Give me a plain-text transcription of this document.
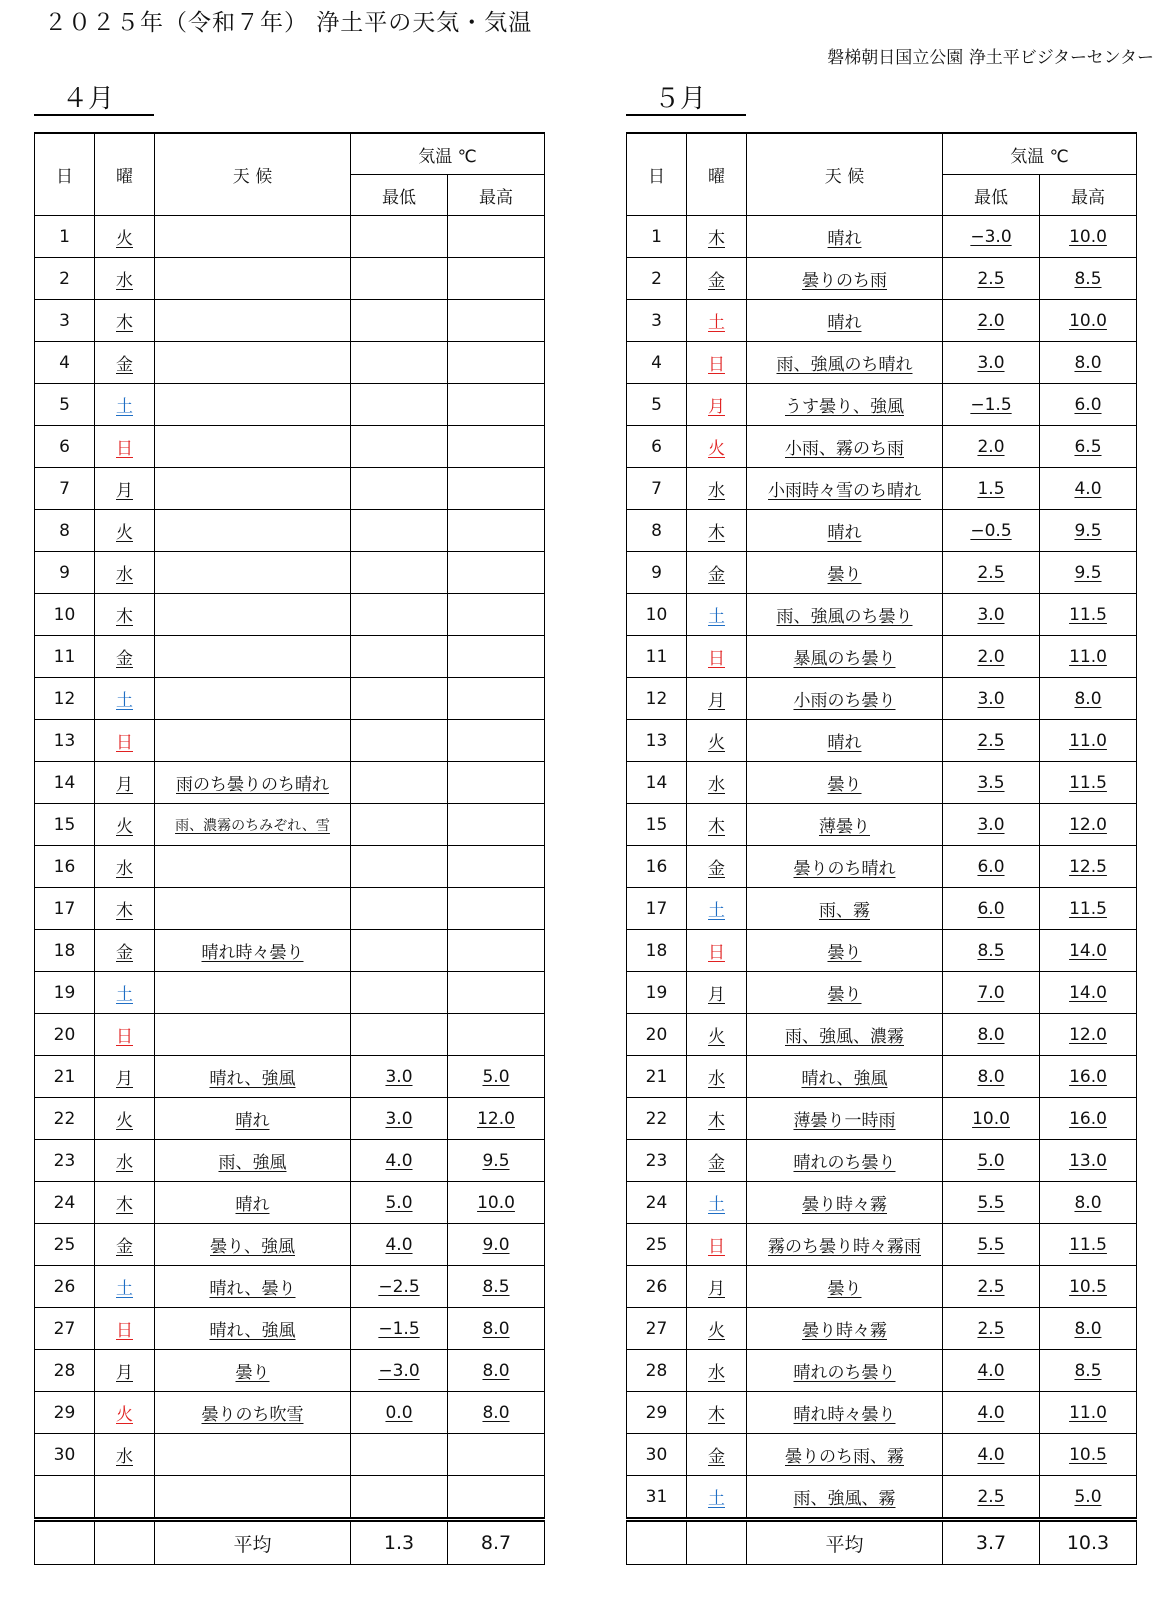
２０２５年（令和７年） 浄土平の天気・気温
磐梯朝日国立公園 浄土平ビジターセンター
４月	５月
日	曜	天 候	気温 ℃	
			最低	最高
1	火			
2	水			
3	木			
4	金			
5	土			
6	日			
7	月			
8	火			
9	水			
10	木			
11	金			
12	土			
13	日			
14	月	雨のち曇りのち晴れ		
15	火	雨、濃霧のちみぞれ、雪		
16	水			
17	木			
18	金	晴れ時々曇り		
19	土			
20	日			
21	月	晴れ、強風	3.0	5.0
22	火	晴れ	3.0	12.0
23	水	雨、強風	4.0	9.5
24	木	晴れ	5.0	10.0
25	金	曇り、強風	4.0	9.0
26	土	晴れ、曇り	−2.5	8.5
27	日	晴れ、強風	−1.5	8.0
28	月	曇り	−3.0	8.0
29	火	曇りのち吹雪	0.0	8.0
30	水			

		平均	1.3	8.7
日	曜	天 候	気温 ℃	
			最低	最高
1	木	晴れ	−3.0	10.0
2	金	曇りのち雨	2.5	8.5
3	土	晴れ	2.0	10.0
4	日	雨、強風のち晴れ	3.0	8.0
5	月	うす曇り、強風	−1.5	6.0
6	火	小雨、霧のち雨	2.0	6.5
7	水	小雨時々雪のち晴れ	1.5	4.0
8	木	晴れ	−0.5	9.5
9	金	曇り	2.5	9.5
10	土	雨、強風のち曇り	3.0	11.5
11	日	暴風のち曇り	2.0	11.0
12	月	小雨のち曇り	3.0	8.0
13	火	晴れ	2.5	11.0
14	水	曇り	3.5	11.5
15	木	薄曇り	3.0	12.0
16	金	曇りのち晴れ	6.0	12.5
17	土	雨、霧	6.0	11.5
18	日	曇り	8.5	14.0
19	月	曇り	7.0	14.0
20	火	雨、強風、濃霧	8.0	12.0
21	水	晴れ、強風	8.0	16.0
22	木	薄曇り一時雨	10.0	16.0
23	金	晴れのち曇り	5.0	13.0
24	土	曇り時々霧	5.5	8.0
25	日	霧のち曇り時々霧雨	5.5	11.5
26	月	曇り	2.5	10.5
27	火	曇り時々霧	2.5	8.0
28	水	晴れのち曇り	4.0	8.5
29	木	晴れ時々曇り	4.0	11.0
30	金	曇りのち雨、霧	4.0	10.5
31	土	雨、強風、霧	2.5	5.0
		平均	3.7	10.3
